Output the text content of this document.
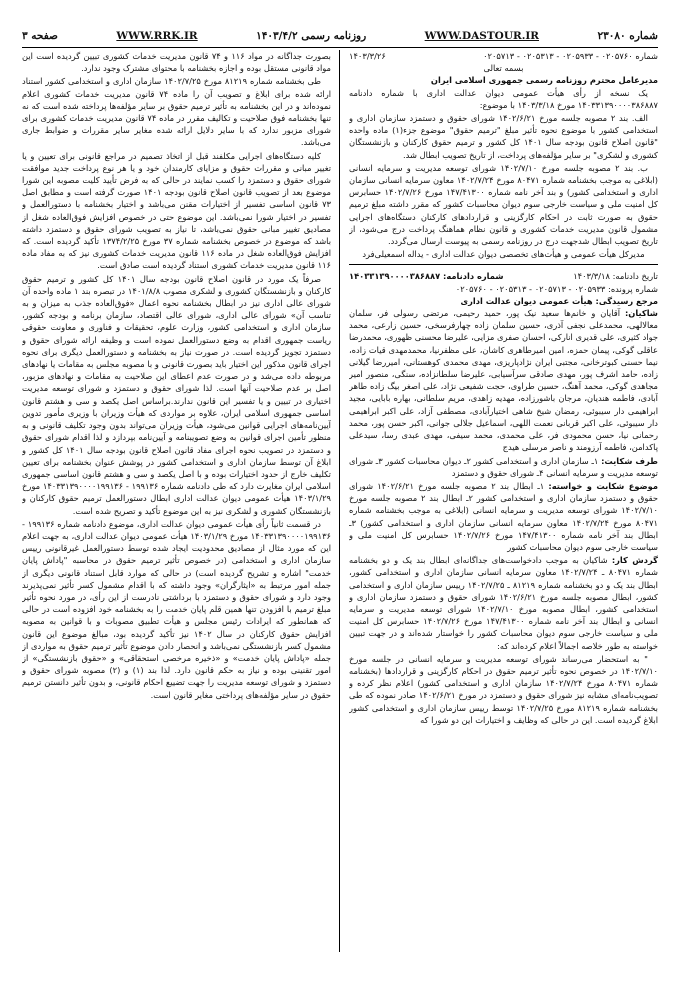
صفحه ۳	WWW.RRK.IR	روزنامه رسمی ۱۴۰۳/۴/۲	WWW.DASTOUR.IR	شماره ۲۳۰۸۰
شماره ۰۲۰۵۷۶۰ - ۰۲۰۵۹۳۳ - ۰۲۰۵۳۱۳ - ۰۲۰۵۷۱۳
۱۴۰۳/۳/۲۶
بسمه تعالی
مدیرعامل محترم روزنامه رسمی جمهوری اسلامی ایران

یک نسخه از رأی هیأت عمومی دیوان عدالت اداری با شماره دادنامه ۱۴۰۳۳۱۳۹۰۰۰۰۳۸۶۸۸۷ مورخ ۱۴۰۳/۳/۱۸ با موضوع:

الف. بند ۲ مصوبه جلسه مورخ ۱۴۰۲/۶/۲۱ شورای حقوق و دستمزد سازمان اداری و استخدامی کشور با موضوع نحوه تأثیر مبلغ "ترمیم حقوق" موضوع جزء(۱) ماده واحده "قانون اصلاح قانون بودجه سال ۱۴۰۱ کل کشور و ترمیم حقوق کارکنان و بازنشستگان کشوری و لشکری" بر سایر مؤلفه‌های پرداخت، از تاریخ تصویب ابطال شد.

ب. بند ۲ مصوبه جلسه مورخ ۱۴۰۲/۷/۱۰ شورای توسعه مدیریت و سرمایه انسانی (ابلاغی به موجب بخشنامه شماره ۸۰۴۷۱ مورخ ۱۴۰۲/۷/۲۴ معاون سرمایه انسانی سازمان اداری و استخدامی کشور) و بند آخر نامه شماره ۱۴۷/۴۱۳۰۰ مورخ ۱۴۰۲/۷/۲۶ حسابرس کل امنیت ملی و سیاست خارجی سوم دیوان محاسبات کشور که مقرر داشته مبلغ ترمیم حقوق به صورت ثابت در احکام کارگزینی و قراردادهای کارکنان دستگاه‌های اجرایی مشمول قانون مدیریت خدمات کشوری و قانون نظام هماهنگ پرداخت درج می‌شود، از تاریخ تصویب ابطال شدجهت درج در روزنامه رسمی به پیوست ارسال می‌گردد.

مدیرکل هیأت عمومی و هیأت‌های تخصصی دیوان عدالت اداری - یداله اسمعیلی‌فرد
تاریخ دادنامه: ۱۴۰۳/۳/۱۸
شماره دادنامه: ۱۴۰۳۳۱۳۹۰۰۰۰۳۸۶۸۸۷
شماره پرونده: ۰۲۰۵۹۳۳ - ۰۲۰۵۷۱۳ - ۰۲۰۵۳۱۳ - ۰۲۰۵۷۶۰
مرجع رسیدگی: هیأت عمومی دیوان عدالت اداری

شاکیان: آقایان و خانم‌ها سعید نیک پور، حمید رحیمی، مرتضی رسولی فر، سلمان معالالهی، محمدعلی نجفی آذری، حسین سلمان زاده چهارفرسخی، حسین زارعی، محمد جواد کثیری، علی قدیری انارکی، احسان صفری مزایی، علیرضا محسنی ظهوری، محمدرضا عاقلی گوکی، پیمان حمزه، امین امیرطاهری کاشان، علی مظفرنیا، محمدمهدی قیات زاده، نیما حسنی کبوترخانی، مجتبی ایران نژادپاریزی، مهدی محمدی کوهستانی، امیررضا گیلانی زاده، حامد اشرف پور، مهدی صادقی سرآسیابی، علیرضا سلطانزاده، سنگی، منصور امیر مجاهدی گوکی، محمد آهنگ، حسین طراوی، حجت شفیعی نژاد، علی اصغر بیگ زاده طاهر آبادی، فاطمه هندیان، مرجان باشورزاده، مهدیه زاهدی، مریم سلطانی، بهاره بابایی، مجید ابراهیمی دار سیبوئی، رمضان شیخ شاهی اختیارآبادی، مصطفی آزاد، علی اکبر ابراهیمی دار سیبوئی، علی اکبر قربانی نعمت اللهی، اسماعیل جلالی جوانی، اکبر حسن پور، محمد رحمانی نیا، حسن محمودی فر، علی محمدی، محمد سیفی، مهدی عبدی رسا، سیدعلی پاکدامن، فاطمه آرزومند و ناصر مرسلی هیدج

طرف شکایت: ۱ـ سازمان اداری و استخدامی کشور ۲ـ دیوان محاسبات کشور ۳ـ شورای توسعه مدیریت و سرمایه انسانی ۴ـ شورای حقوق و دستمزد

موضوع شکایت و خواسته: ۱ـ ابطال بند ۲ مصوبه جلسه مورخ ۱۴۰۲/۶/۲۱ شورای حقوق و دستمزد سازمان اداری و استخدامی کشور ۲ـ ابطال بند ۲ مصوبه جلسه مورخ ۱۴۰۲/۷/۱۰ شورای توسعه مدیریت و سرمایه انسانی (ابلاغی به موجب بخشنامه شماره ۸۰۴۷۱ مورخ ۱۴۰۲/۷/۲۴ معاون سرمایه انسانی سازمان اداری و استخدامی کشور) ۳ـ ابطال بند آخر نامه شماره ۱۴۷/۴۱۳۰۰ مورخ ۱۴۰۲/۷/۲۶ حسابرس کل امنیت ملی و سیاست خارجی سوم دیوان محاسبات کشور

گردش کار: شاکیان به موجب دادخواست‌های جداگانه‌ای ابطال بند یک و دو بخشنامه شماره ۸۰۴۷۱ ـ ۱۴۰۲/۷/۲۴ معاون سرمایه انسانی سازمان اداری و استخدامی کشور، ابطال بند یک و دو بخشنامه شماره ۸۱۲۱۹ ـ ۱۴۰۲/۷/۲۵ رییس سازمان اداری و استخدامی کشور، ابطال مصوبه جلسه مورخ ۱۴۰۲/۶/۲۱ شورای حقوق و دستمزد سازمان اداری و استخدامی کشور، ابطال مصوبه مورخ ۱۴۰۲/۷/۱۰ شورای توسعه مدیریت و سرمایه انسانی و ابطال بند آخر نامه شماره ۱۴۷/۴۱۳۰۰ مورخ ۱۴۰۲/۷/۲۶ حسابرس کل امنیت ملی و سیاست خارجی سوم دیوان محاسبات کشور را خواستار شده‌اند و در جهت تبیین خواسته به طور خلاصه اجمالاً اعلام کرده‌اند که:

" به استحضار می‌رساند شورای توسعه مدیریت و سرمایه انسانی در جلسه مورخ ۱۴۰۲/۷/۱۰ در خصوص نحوه تأثیر ترمیم حقوق در احکام کارگزینی و قراردادها (بخشنامه شماره ۸۰۴۷۱ مورخ ۱۴۰۲/۷/۲۴ سازمان اداری و استخدامی کشور) اعلام نظر کرده و تصویب‌نامه‌ای مشابه نیز شورای حقوق و دستمزد در مورخ ۱۴۰۲/۶/۲۱ صادر نموده که طی بخشنامه شماره ۸۱۲۱۹ مورخ ۱۴۰۲/۷/۲۵ توسط رییس سازمان اداری و استخدامی کشور ابلاغ گردیده است. این در حالی که وظایف و اختیارات این دو شورا که

بصورت جداگانه در مواد ۱۱۶ و ۷۴ قانون مدیریت خدمات کشوری تبیین گردیده است این مواد قانونی مستقل بوده و اجازه بخشنامه با محتوای مشترک وجود ندارد.

طی بخشنامه شماره ۸۱۲۱۹ مورخ ۱۴۰۲/۷/۲۵ سازمان اداری و استخدامی کشور استناد ارائه شده برای ابلاغ و تصویب آن را ماده ۷۴ قانون مدیریت خدمات کشوری اعلام نموده‌اند و در این بخشنامه به تأثیر ترمیم حقوق بر سایر مؤلفه‌ها پرداخته شده است که نه تنها بخشنامه فوق صلاحیت و تکالیف مقرر در ماده ۷۴ قانون مدیریت خدمات کشوری برای شورای مزبور ندارد که با سایر دلایل ارائه شده مغایر سایر مقررات و ضوابط جاری می‌باشد.

کلیه دستگاه‌های اجرایی مکلفند قبل از اتخاذ تصمیم در مراجع قانونی برای تعیین و یا تغییر مبانی و مقررات حقوق و مزایای کارمندان خود و یا هر نوع پرداخت جدید موافقت شورای حقوق و دستمزد را کسب نمایند در حالی که به فرض تأیید کلیت مصوبه این شورا موضوع بعد از تصویب قانون اصلاح قانون بودجه ۱۴۰۱ صورت گرفته است و مطابق اصل ۷۳ قانون اساسی تفسیر از اختیارات مقنن می‌باشد و اختیار بخشنامه با دستورالعمل و تفسیر در اختیار شورا نمی‌باشد. این موضوع حتی در خصوص افزایش فوق‌العاده شغل از مصادیق تغییر مبانی حقوق نمی‌باشد، تا نیاز به تصویب شورای حقوق و دستمزد داشته باشد که موضوع در خصوص بخشنامه شماره ۳۷ مورخ ۱۳۷۴/۲/۲۵ تأکید گردیده است. که افزایش فوق‌العاده شغل در ماده ۱۱۶ قانون مدیریت خدمات کشوری نیز که به مفاد ماده ۱۱۶ قانون مدیریت خدمات کشوری استناد گردیده است صادق است.

صرفاً یک مورد در قانون اصلاح قانون بودجه سال ۱۴۰۱ کل کشور و ترمیم حقوق کارکنان و بازنشستگان کشوری و لشکری مصوب ۱۴۰۱/۸/۸ در تبصره بند ۱ ماده واحده آن شورای عالی اداری نیز در ابطال بخشنامه نحوه اعمال «فوق‌العاده جذب به میزان و به تناسب آن» شورای عالی اداری، شورای عالی اقتصاد، سازمان برنامه و بودجه کشور، سازمان اداری و استخدامی کشور، وزارت علوم، تحقیقات و فناوری و معاونت حقوقی ریاست جمهوری اقدام به وضع دستورالعمل نموده است و وظیفه ارائه شورای حقوق و دستمزد تجویز گردیده است. در صورت نیاز به بخشنامه و دستورالعمل دیگری برای نحوه اجرای قانون مذکور این اختیار باید بصورت قانونی و با مصوبه مجلس به مقامات یا نهادهای مربوطه داده می‌شد و در صورت عدم اعطای این صلاحیت به مقامات و نهادهای مزبور، اصل بر عدم صلاحیت آنها است. لذا شورای حقوق و دستمزد و شورای توسعه مدیریت اختیاری در تبیین و یا تفسیر این قانون ندارند.براساس اصل یکصد و سی و هشتم قانون اساسی جمهوری اسلامی ایران، علاوه بر مواردی که هیأت وزیران با وزیری مأمور تدوین آیین‌نامه‌های اجرایی قوانین می‌شود، هیأت وزیران می‌تواند بدون وجود تکلیف قانونی و به منظور تأمین اجرای قوانین به وضع تصویبنامه و آیین‌نامه بپردازد و لذا اقدام شورای حقوق و دستمزد در تصویب نحوه اجرای مفاد قانون اصلاح قانون بودجه سال ۱۴۰۱ کل کشور و ابلاغ آن توسط سازمان اداری و استخدامی کشور در پوشش عنوان بخشنامه برای تعیین تکلیف خارج از حدود اختیارات بوده و با اصل یکصد و سی و هشتم قانون اساسی جمهوری اسلامی ایران مغایرت دارد که طی دادنامه شماره ۱۹۹۱۳۶ - ۱۴۰۳۳۱۳۹۰۰۰۰۱۹۹۱۳۶ مورخ ۱۴۰۳/۱/۲۹ هیأت عمومی دیوان عدالت اداری ابطال دستورالعمل ترمیم حقوق کارکنان و بازنشستگان کشوری و لشکری نیز به این موضوع تأکید و تصریح شده است.

در قسمت ثانیاً رأی هیأت عمومی دیوان عدالت اداری، موضوع دادنامه شماره ۱۹۹۱۳۶ - ۱۴۰۳۳۱۳۹۰۰۰۰۱۹۹۱۳۶ مورخ ۱۴۰۳/۱/۲۹ هیأت عمومی دیوان عدالت اداری، به جهت اعلام این که مورد مثال از مصادیق محدودیت ایجاد شده توسط دستورالعمل غیرقانونی رییس سازمان اداری و استخدامی (در خصوص تأثیر ترمیم حقوق در محاسبه "پاداش پایان خدمت" اشاره و تشریح گردیده است) در حالی که موارد قابل استناد قانونی دیگری از جمله امور مرتبط به «ایثارگران» وجود داشته که با اقدام مشمول کسر تأثیر نمی‌پذیرند وجود دارد و شورای حقوق و دستمزد با برداشتی نادرست از این رأی، در مورد نحوه تأثیر مبلغ ترمیم با افزودن تنها همین قلم پایان خدمت را به بخشنامه خود افزوده است در حالی که همانطور که ایرادات رئیس مجلس و هیأت تطبیق مصوبات و با قوانین به مصوبه افزایش حقوق کارکنان در سال ۱۴۰۲ نیز تأکید گردیده بود، مبالغ موضوع این قانون مشمول کسر بازنشستگی نمی‌باشد و انحصار دادن موضوع تأثیر ترمیم حقوق به مواردی از جمله «پاداش پایان خدمت» و «ذخیره مرخصی استحقاقی» و «حقوق بازنشستگی» از امور تقنینی بوده و نیاز به حکم قانون دارد. لذا بند (۱) و (۲) مصوبه شورای حقوق و دستمزد و شورای توسعه مدیریت را جهت تضییع احکام قانونی، و بدون تأثیر دانستن ترمیم حقوق در سایر مؤلفه‌های پرداختی مغایر قانون است.
